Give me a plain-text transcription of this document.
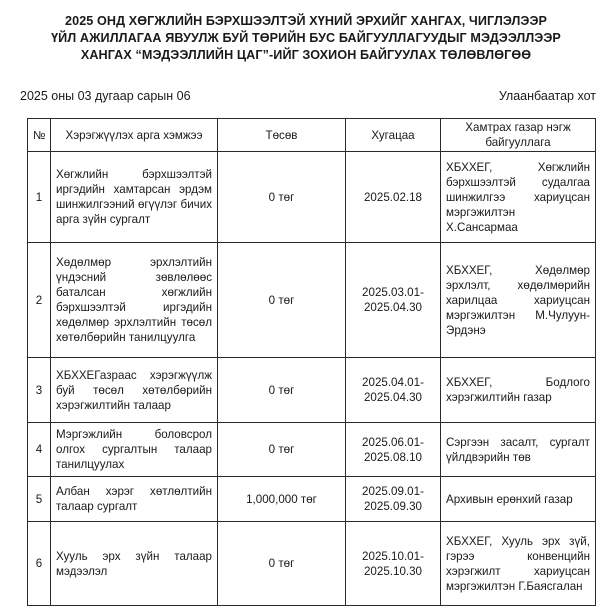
2025 ОНД ХӨГЖЛИЙН БЭРХШЭЭЛТЭЙ ХҮНИЙ ЭРХИЙГ ХАНГАХ, ЧИГЛЭЛЭЭР
ҮЙЛ АЖИЛЛАГАА ЯВУУЛЖ БУЙ ТӨРИЙН БУС БАЙГУУЛЛАГУУДЫГ МЭДЭЭЛЛЭЭР
ХАНГАХ “МЭДЭЭЛЛИЙН ЦАГ”-ИЙГ ЗОХИОН БАЙГУУЛАХ ТӨЛӨВЛӨГӨӨ
2025 оны 03 дугаар сарын 06	Улаанбаатар хот
№	Хэрэгжүүлэх арга хэмжээ	Төсөв	Хугацаа	Хамтрах газар нэгж байгууллага
1	Хөгжлийн бэрхшээлтэй иргэдийн хамтарсан эрдэм шинжилгээний өгүүлэг бичих арга зүйн сургалт	0 төг	2025.02.18	ХБХХЕГ, Хөгжлийн бэрхшээлтэй судалгаа шинжилгээ хариуцсан мэргэжилтэн Х.Сансармаа
2	Хөдөлмөр эрхлэлтийн үндэсний зөвлөлөөс баталсан хөгжлийн бэрхшээлтэй иргэдийн хөдөлмөр эрхлэлтийн төсөл хөтөлбөрийн танилцуулга	0 төг	2025.03.01-2025.04.30	ХБХХЕГ, Хөдөлмөр эрхлэлт, хөдөлмөрийн харилцаа хариуцсан мэргэжилтэн М.Чулуун-Эрдэнэ
3	ХБХХЕГазраас хэрэгжүүлж буй төсөл хөтөлбөрийн хэрэгжилтийн талаар	0 төг	2025.04.01-2025.04.30	ХБХХЕГ, Бодлого хэрэгжилтийн газар
4	Мэргэжлийн боловсрол олгох сургалтын талаар танилцуулах	0 төг	2025.06.01-2025.08.10	Сэргээн засалт, сургалт үйлдвэрийн төв
5	Албан хэрэг хөтлөлтийн талаар сургалт	1,000,000 төг	2025.09.01-2025.09.30	Архивын ерөнхий газар
6	Хууль эрх зүйн талаар мэдээлэл	0 төг	2025.10.01-2025.10.30	ХБХХЕГ, Хууль эрх зүй, гэрээ конвенцийн хэрэгжилт хариуцсан мэргэжилтэн Г.Баясгалан
